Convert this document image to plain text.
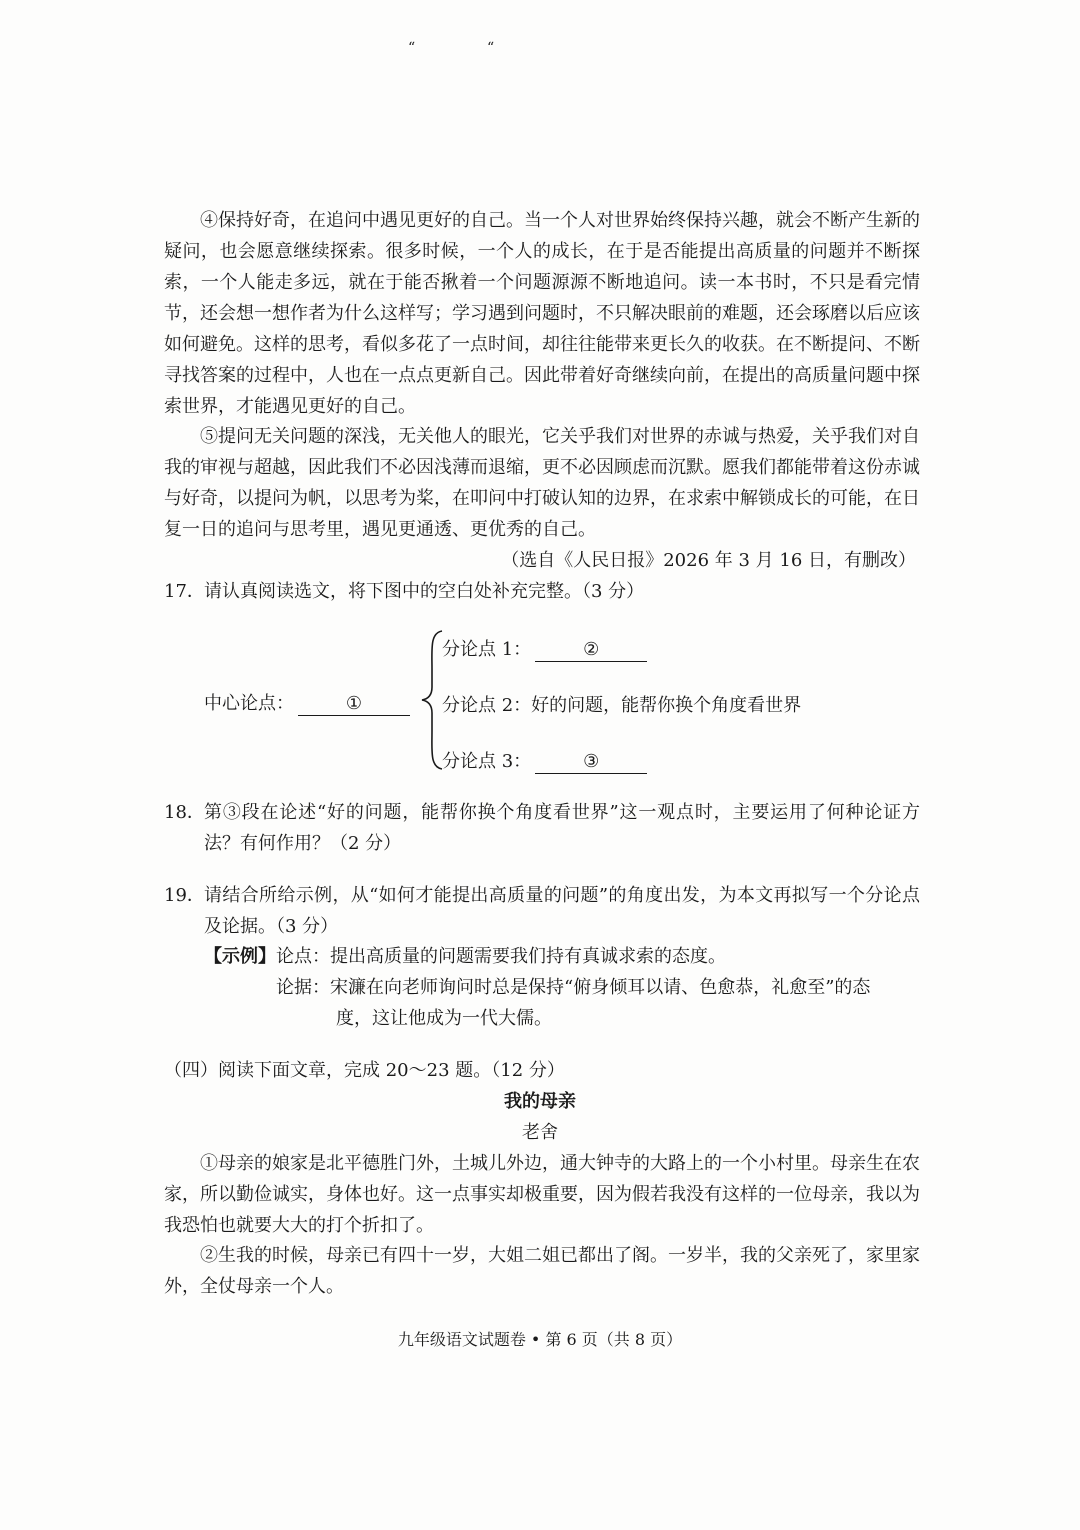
“	“

④保持好奇，在追问中遇见更好的自己。当一个人对世界始终保持兴趣，就会不断产生新的疑问，也会愿意继续探索。很多时候，一个人的成长，在于是否能提出高质量的问题并不断探索，一个人能走多远，就在于能否揪着一个问题源源不断地追问。读一本书时，不只是看完情节，还会想一想作者为什么这样写；学习遇到问题时，不只解决眼前的难题，还会琢磨以后应该如何避免。这样的思考，看似多花了一点时间，却往往能带来更长久的收获。在不断提问、不断寻找答案的过程中，人也在一点点更新自己。因此带着好奇继续向前，在提出的高质量问题中探索世界，才能遇见更好的自己。

⑤提问无关问题的深浅，无关他人的眼光，它关乎我们对世界的赤诚与热爱，关乎我们对自我的审视与超越，因此我们不必因浅薄而退缩，更不必因顾虑而沉默。愿我们都能带着这份赤诚与好奇，以提问为帆，以思考为桨，在叩问中打破认知的边界，在求索中解锁成长的可能，在日复一日的追问与思考里，遇见更通透、更优秀的自己。

（选自《人民日报》2026 年 3 月 16 日，有删改）
17． 请认真阅读选文，将下图中的空白处补充完整。（3 分）
中心论点：	①
分论点 1：	②
分论点 2：好的问题，能帮你换个角度看世界
分论点 3：	③
18． 第③段在论述“好的问题，能帮你换个角度看世界”这一观点时，主要运用了何种论证方法？有何作用？（2 分）
19． 请结合所给示例，从“如何才能提出高质量的问题”的角度出发，为本文再拟写一个分论点及论据。（3 分）
【示例】论点：提出高质量的问题需要我们持有真诚求索的态度。
论据：宋濂在向老师询问时总是保持“俯身倾耳以请、色愈恭，礼愈至”的态
度，这让他成为一代大儒。
（四）阅读下面文章，完成 20～23 题。（12 分）
我的母亲
老舍

①母亲的娘家是北平德胜门外，土城儿外边，通大钟寺的大路上的一个小村里。母亲生在农家，所以勤俭诚实，身体也好。这一点事实却极重要，因为假若我没有这样的一位母亲，我以为我恐怕也就要大大的打个折扣了。

②生我的时候，母亲已有四十一岁，大姐二姐已都出了阁。一岁半，我的父亲死了，家里家外，全仗母亲一个人。

九年级语文试题卷 • 第 6 页（共 8 页）
